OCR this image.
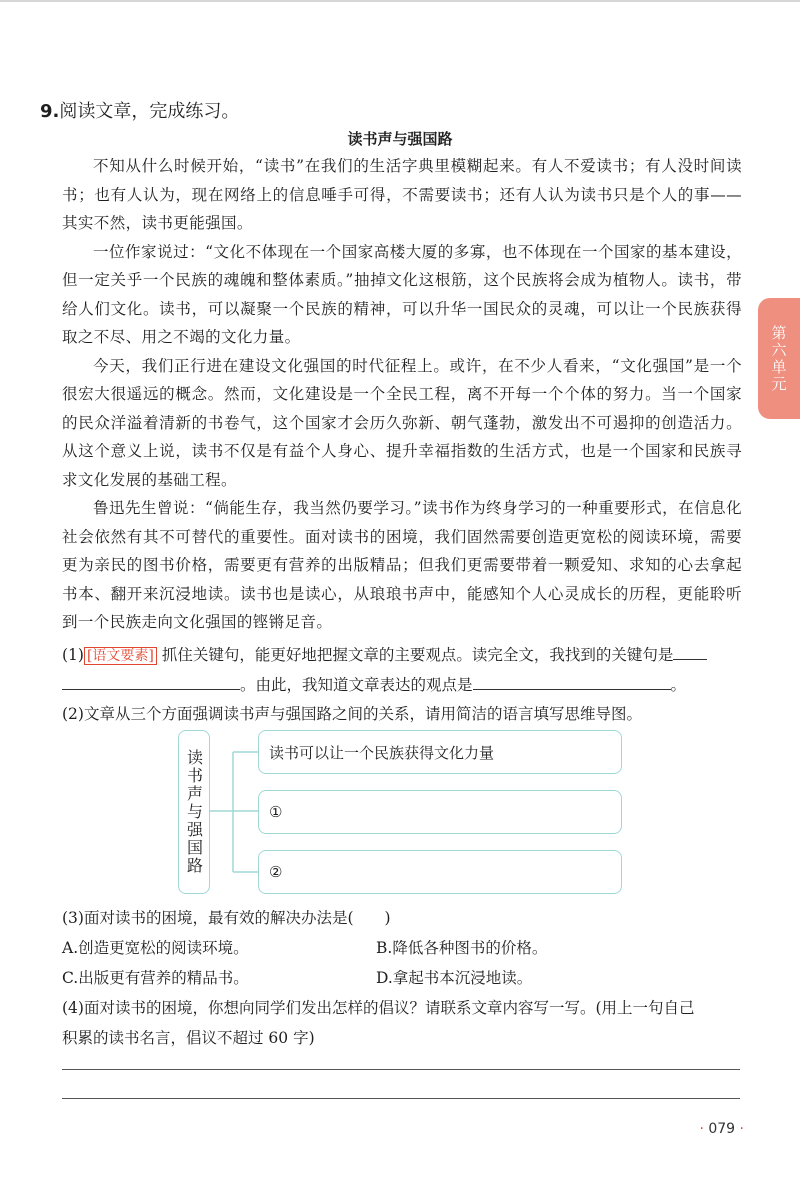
9.阅读文章，完成练习。
读书声与强国路

不知从什么时候开始，“读书”在我们的生活字典里模糊起来。有人不爱读书；有人没时间读书；也有人认为，现在网络上的信息唾手可得，不需要读书；还有人认为读书只是个人的事——其实不然，读书更能强国。

一位作家说过：“文化不体现在一个国家高楼大厦的多寡，也不体现在一个国家的基本建设，但一定关乎一个民族的魂魄和整体素质。”抽掉文化这根筋，这个民族将会成为植物人。读书，带给人们文化。读书，可以凝聚一个民族的精神，可以升华一国民众的灵魂，可以让一个民族获得取之不尽、用之不竭的文化力量。

今天，我们正行进在建设文化强国的时代征程上。或许，在不少人看来，“文化强国”是一个很宏大很遥远的概念。然而，文化建设是一个全民工程，离不开每一个个体的努力。当一个国家的民众洋溢着清新的书卷气，这个国家才会历久弥新、朝气蓬勃，激发出不可遏抑的创造活力。从这个意义上说，读书不仅是有益个人身心、提升幸福指数的生活方式，也是一个国家和民族寻求文化发展的基础工程。

鲁迅先生曾说：“倘能生存，我当然仍要学习。”读书作为终身学习的一种重要形式，在信息化社会依然有其不可替代的重要性。面对读书的困境，我们固然需要创造更宽松的阅读环境，需要更为亲民的图书价格，需要更有营养的出版精品；但我们更需要带着一颗爱知、求知的心去拿起书本、翻开来沉浸地读。读书也是读心，从琅琅书声中，能感知个人心灵成长的历程，更能聆听到一个民族走向文化强国的铿锵足音。

第六单元
(1) [语文要素] 抓住关键句，能更好地把握文章的主要观点。读完全文，我找到的关键句是
。由此，我知道文章表达的观点是	。
(2)文章从三个方面强调读书声与强国路之间的关系，请用简洁的语言填写思维导图。
读书声与强国路	读书可以让一个民族获得文化力量
①
②
(3)面对读书的困境，最有效的解决办法是(　　)
A.创造更宽松的阅读环境。	B.降低各种图书的价格。
C.出版更有营养的精品书。	D.拿起书本沉浸地读。
(4)面对读书的困境，你想向同学们发出怎样的倡议？请联系文章内容写一写。(用上一句自己
积累的读书名言，倡议不超过 60 字)
· 079 ·
